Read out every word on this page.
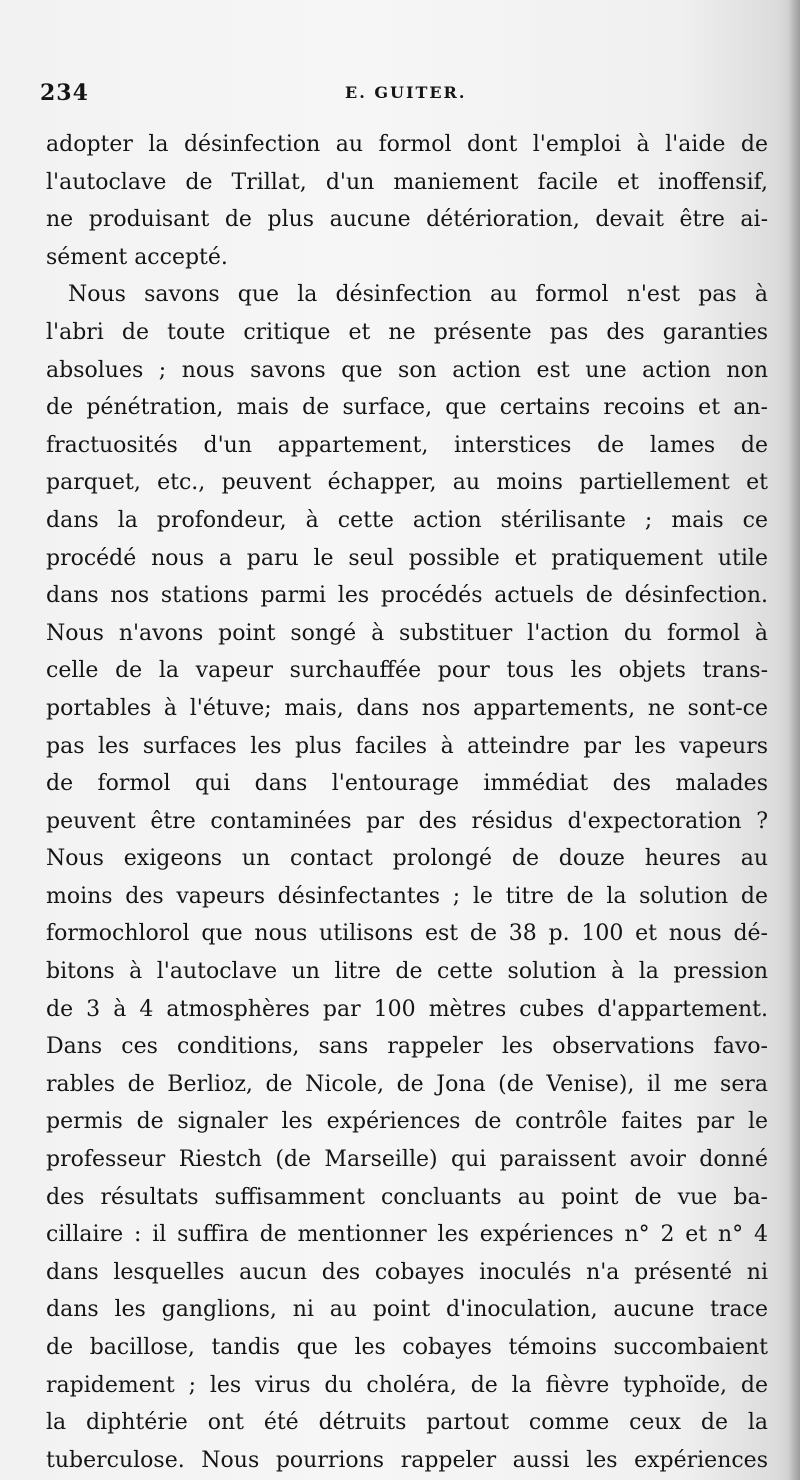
234	E. GUITER.
adopter la désinfection au formol dont l'emploi à l'aide de
l'autoclave de Trillat, d'un maniement facile et inoffensif,
ne produisant de plus aucune détérioration, devait être ai-
sément accepté.
Nous savons que la désinfection au formol n'est pas à
l'abri de toute critique et ne présente pas des garanties
absolues ; nous savons que son action est une action non
de pénétration, mais de surface, que certains recoins et an-
fractuosités d'un appartement, interstices de lames de
parquet, etc., peuvent échapper, au moins partiellement et
dans la profondeur, à cette action stérilisante ; mais ce
procédé nous a paru le seul possible et pratiquement utile
dans nos stations parmi les procédés actuels de désinfection.
Nous n'avons point songé à substituer l'action du formol à
celle de la vapeur surchauffée pour tous les objets trans-
portables à l'étuve; mais, dans nos appartements, ne sont-ce
pas les surfaces les plus faciles à atteindre par les vapeurs
de formol qui dans l'entourage immédiat des malades
peuvent être contaminées par des résidus d'expectoration ?
Nous exigeons un contact prolongé de douze heures au
moins des vapeurs désinfectantes ; le titre de la solution de
formochlorol que nous utilisons est de 38 p. 100 et nous dé-
bitons à l'autoclave un litre de cette solution à la pression
de 3 à 4 atmosphères par 100 mètres cubes d'appartement.
Dans ces conditions, sans rappeler les observations favo-
rables de Berlioz, de Nicole, de Jona (de Venise), il me sera
permis de signaler les expériences de contrôle faites par le
professeur Riestch (de Marseille) qui paraissent avoir donné
des résultats suffisamment concluants au point de vue ba-
cillaire : il suffira de mentionner les expériences n° 2 et n° 4
dans lesquelles aucun des cobayes inoculés n'a présenté ni
dans les ganglions, ni au point d'inoculation, aucune trace
de bacillose, tandis que les cobayes témoins succombaient
rapidement ; les virus du choléra, de la fièvre typhoïde, de
la diphtérie ont été détruits partout comme ceux de la
tuberculose. Nous pourrions rappeler aussi les expériences
